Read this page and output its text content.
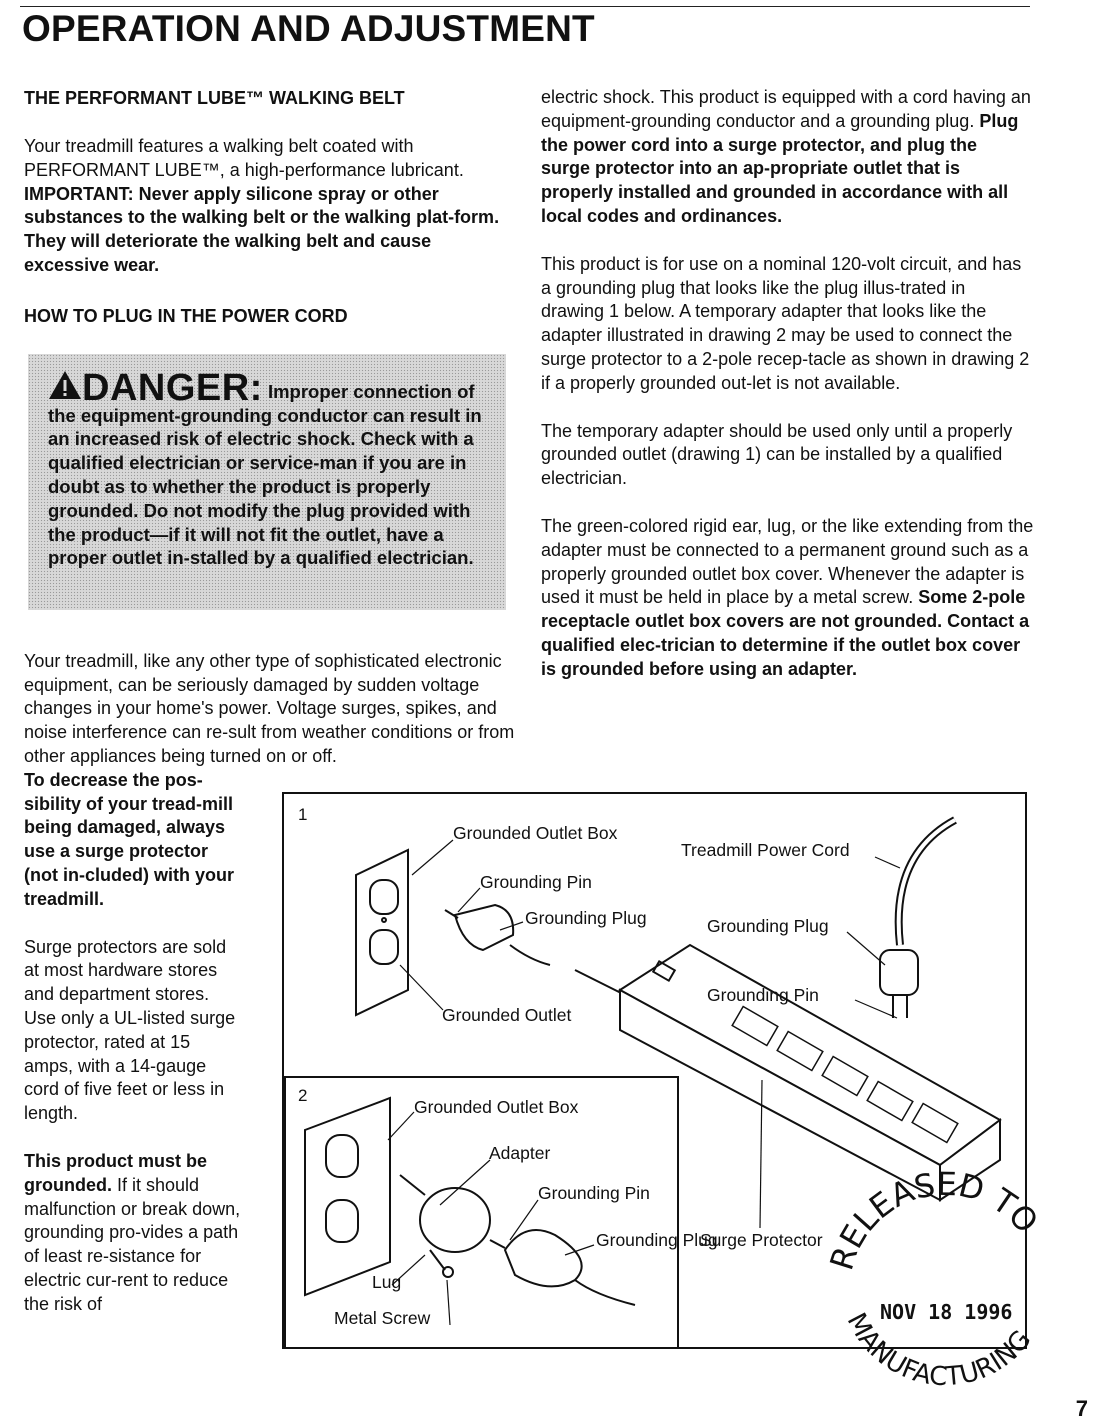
OPERATION AND ADJUSTMENT
THE PERFORMANT LUBE™ WALKING BELT

Your treadmill features a walking belt coated with PERFORMANT LUBE™, a high-performance lubricant. IMPORTANT: Never apply silicone spray or other substances to the walking belt or the walking plat-form. They will deteriorate the walking belt and cause excessive wear.

HOW TO PLUG IN THE POWER CORD

DANGER: Improper connection of the equipment-grounding conductor can result in an increased risk of electric shock. Check with a qualified electrician or service-man if you are in doubt as to whether the product is properly grounded. Do not modify the plug provided with the product—if it will not fit the outlet, have a proper outlet in-stalled by a qualified electrician.

Your treadmill, like any other type of sophisticated electronic equipment, can be seriously damaged by sudden voltage changes in your home's power. Voltage surges, spikes, and noise interference can re-sult from weather conditions or from other appliances being turned on or off.

To decrease the pos-sibility of your tread-mill being damaged, always use a surge protector (not in-cluded) with your treadmill.

Surge protectors are sold at most hardware stores and department stores. Use only a UL-listed surge protector, rated at 15 amps, with a 14-gauge cord of five feet or less in length.

This product must be grounded. If it should malfunction or break down, grounding pro-vides a path of least re-sistance for electric cur-rent to reduce the risk of

electric shock. This product is equipped with a cord having an equipment-grounding conductor and a grounding plug. Plug the power cord into a surge protector, and plug the surge protector into an ap-propriate outlet that is properly installed and grounded in accordance with all local codes and ordinances.

This product is for use on a nominal 120-volt circuit, and has a grounding plug that looks like the plug illus-trated in drawing 1 below. A temporary adapter that looks like the adapter illustrated in drawing 2 may be used to connect the surge protector to a 2-pole recep-tacle as shown in drawing 2 if a properly grounded out-let is not available.

The temporary adapter should be used only until a properly grounded outlet (drawing 1) can be installed by a qualified electrician.

The green-colored rigid ear, lug, or the like extending from the adapter must be connected to a permanent ground such as a properly grounded outlet box cover. Whenever the adapter is used it must be held in place by a metal screw. Some 2-pole receptacle outlet box covers are not grounded. Contact a qualified elec-trician to determine if the outlet box cover is grounded before using an adapter.

1
Grounded Outlet Box
Treadmill Power Cord
Grounding Pin
Grounding Plug	Grounding Plug
Grounding Pin
Grounded Outlet
Surge Protector
2
Grounded Outlet Box
Adapter
Grounding Pin
Grounding Plug
Lug
Metal Screw
RELEASED TO
MANUFACTURING
NOV 18 1996
7
